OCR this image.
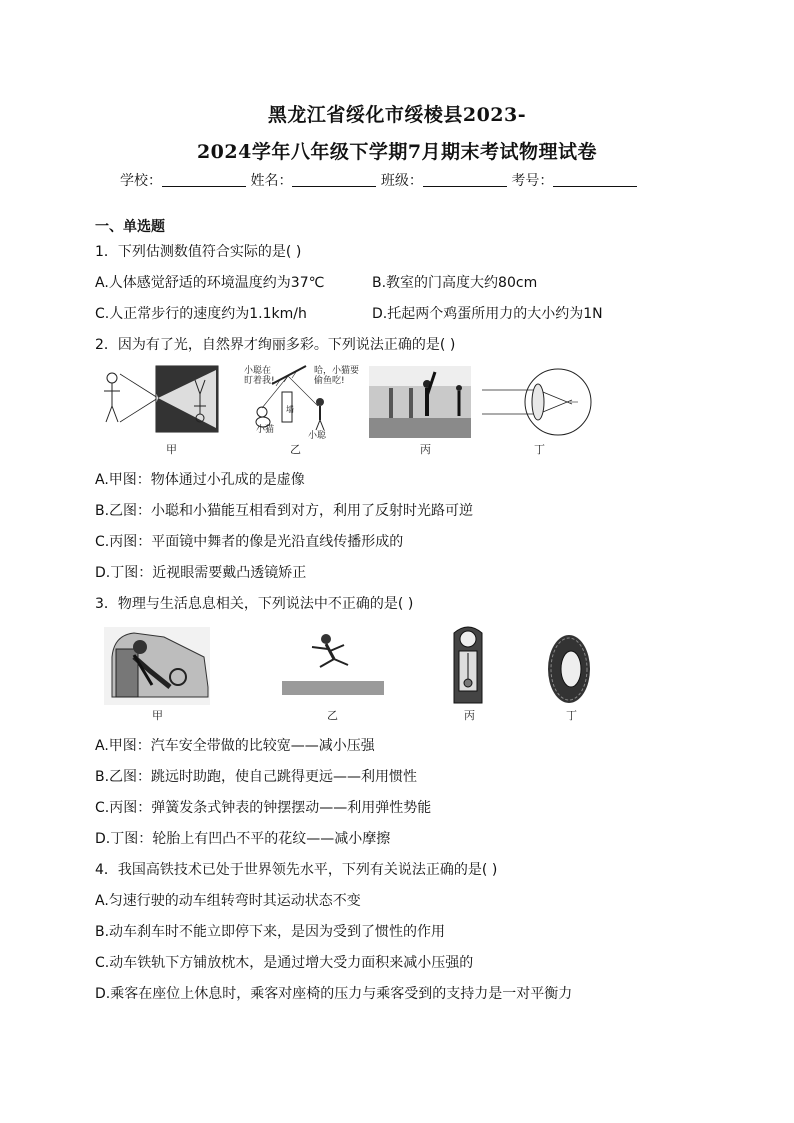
黑龙江省绥化市绥棱县2023-
2024学年八年级下学期7月期末考试物理试卷
学校：	姓名：	班级：	考号：
一、单选题
1．下列估测数值符合实际的是( )
A.人体感觉舒适的环境温度约为37℃	B.教室的门高度大约80cm
C.人正常步行的速度约为1.1km/h	D.托起两个鸡蛋所用力的大小约为1N
2．因为有了光，自然界才绚丽多彩。下列说法正确的是( )
小聪在
盯着我!
哈，小猫要
偷鱼吃!
小猫
墙
小聪
甲	乙	丙	丁
A.甲图：物体通过小孔成的是虚像
B.乙图：小聪和小猫能互相看到对方，利用了反射时光路可逆
C.丙图：平面镜中舞者的像是光沿直线传播形成的
D.丁图：近视眼需要戴凸透镜矫正
3．物理与生活息息相关，下列说法中不正确的是( )
甲	乙	丙	丁
A.甲图：汽车安全带做的比较宽——减小压强
B.乙图：跳远时助跑，使自己跳得更远——利用惯性
C.丙图：弹簧发条式钟表的钟摆摆动——利用弹性势能
D.丁图：轮胎上有凹凸不平的花纹——减小摩擦
4．我国高铁技术已处于世界领先水平，下列有关说法正确的是( )
A.匀速行驶的动车组转弯时其运动状态不变
B.动车刹车时不能立即停下来，是因为受到了惯性的作用
C.动车铁轨下方铺放枕木，是通过增大受力面积来减小压强的
D.乘客在座位上休息时，乘客对座椅的压力与乘客受到的支持力是一对平衡力
